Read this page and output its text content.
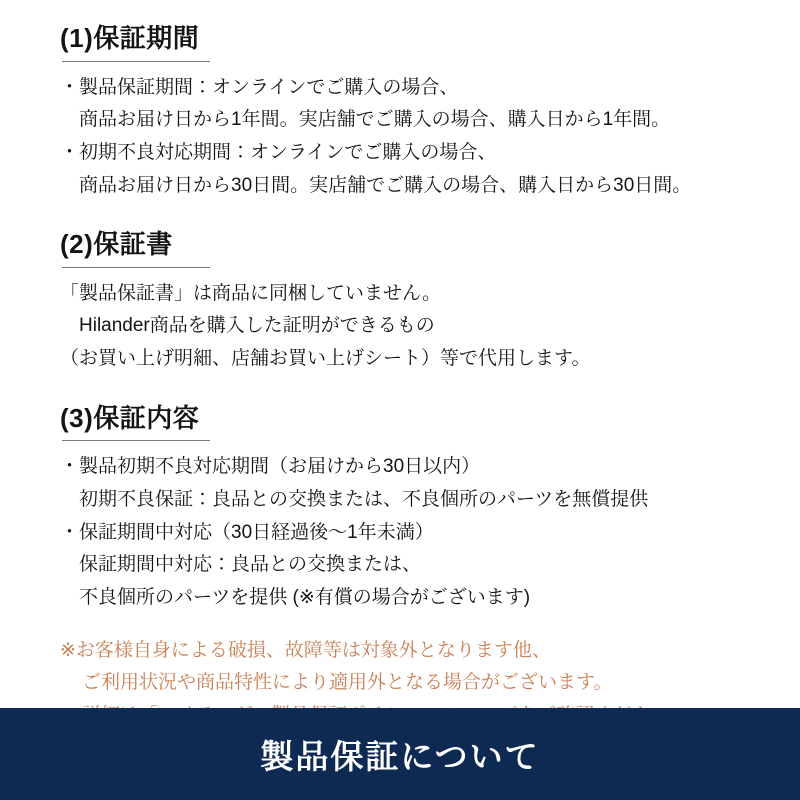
(1)保証期間
・製品保証期間：オンラインでご購入の場合、
　商品お届け日から1年間。実店舗でご購入の場合、購入日から1年間。
・初期不良対応期間：オンラインでご購入の場合、
　商品お届け日から30日間。実店舗でご購入の場合、購入日から30日間。
(2)保証書
「製品保証書」は商品に同梱していません。
　Hilander商品を購入した証明ができるもの
（お買い上げ明細、店舗お買い上げシート）等で代用します。
(3)保証内容
・製品初期不良対応期間（お届けから30日以内）
　初期不良保証：良品との交換または、不良個所のパーツを無償提供
・保証期間中対応（30日経過後〜1年未満）
　保証期間中対応：良品との交換または、
　不良個所のパーツを提供 (※有償の場合がございます)
※お客様自身による破損、故障等は対象外となります他、
ご利用状況や商品特性により適用外となる場合がございます。
製品保証について
